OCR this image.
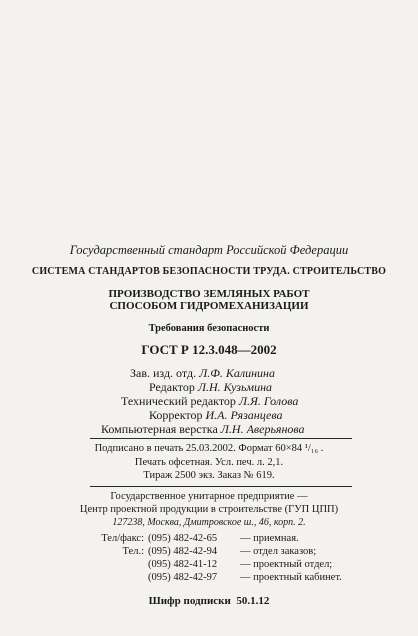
Государственный стандарт Российской Федерации
СИСТЕМА СТАНДАРТОВ БЕЗОПАСНОСТИ ТРУДА. СТРОИТЕЛЬСТВО
ПРОИЗВОДСТВО ЗЕМЛЯНЫХ РАБОТ
СПОСОБОМ ГИДРОМЕХАНИЗАЦИИ
Требования безопасности
ГОСТ Р 12.3.048—2002
Зав. изд. отд. Л.Ф. Калинина
Редактор Л.Н. Кузьмина
Технический редактор Л.Я. Голова
Корректор И.А. Рязанцева
Компьютерная верстка Л.Н. Аверьянова
Подписано в печать 25.03.2002. Формат 60×84 ¹/₁₆ .
Печать офсетная. Усл. печ. л. 2,1.
Тираж 2500 экз. Заказ № 619.
Государственное унитарное предприятие —
Центр проектной продукции в строительстве (ГУП ЦПП)
127238, Москва, Дмитровское ш., 46, корп. 2.
Тел/факс: (095) 482-42-65 — приемная.
Тел.: (095) 482-42-94 — отдел заказов;
(095) 482-41-12 — проектный отдел;
(095) 482-42-97 — проектный кабинет.
Шифр подписки  50.1.12
